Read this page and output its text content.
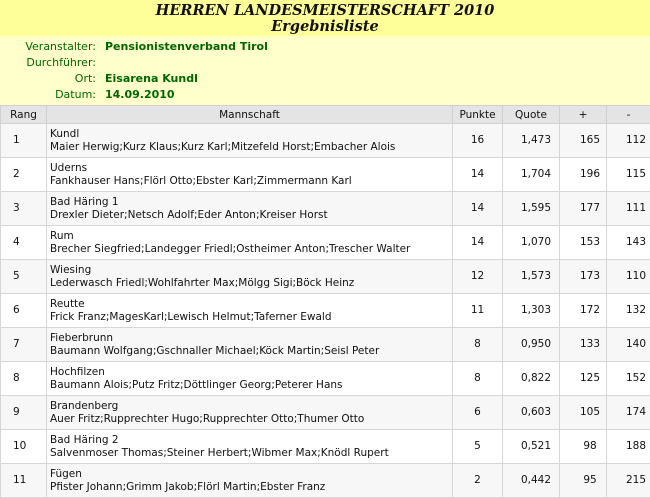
HERREN LANDESMEISTERSCHAFT 2010
Ergebnisliste
Veranstalter: Pensionistenverband Tirol
Durchführer:
Ort: Eisarena Kundl
Datum: 14.09.2010
Rang	Mannschaft	Punkte	Quote	+	-
1	Kundl
Maier Herwig;Kurz Klaus;Kurz Karl;Mitzefeld Horst;Embacher Alois	16	1,473	165	112
2	Uderns
Fankhauser Hans;Flörl Otto;Ebster Karl;Zimmermann Karl	14	1,704	196	115
3	Bad Häring 1
Drexler Dieter;Netsch Adolf;Eder Anton;Kreiser Horst	14	1,595	177	111
4	Rum
Brecher Siegfried;Landegger Friedl;Ostheimer Anton;Trescher Walter	14	1,070	153	143
5	Wiesing
Lederwasch Friedl;Wohlfahrter Max;Mölgg Sigi;Böck Heinz	12	1,573	173	110
6	Reutte
Frick Franz;MagesKarl;Lewisch Helmut;Taferner Ewald	11	1,303	172	132
7	Fieberbrunn
Baumann Wolfgang;Gschnaller Michael;Köck Martin;Seisl Peter	8	0,950	133	140
8	Hochfilzen
Baumann Alois;Putz Fritz;Döttlinger Georg;Peterer Hans	8	0,822	125	152
9	Brandenberg
Auer Fritz;Rupprechter Hugo;Rupprechter Otto;Thumer Otto	6	0,603	105	174
10	Bad Häring 2
Salvenmoser Thomas;Steiner Herbert;Wibmer Max;Knödl Rupert	5	0,521	98	188
11	Fügen
Pfister Johann;Grimm Jakob;Flörl Martin;Ebster Franz	2	0,442	95	215
